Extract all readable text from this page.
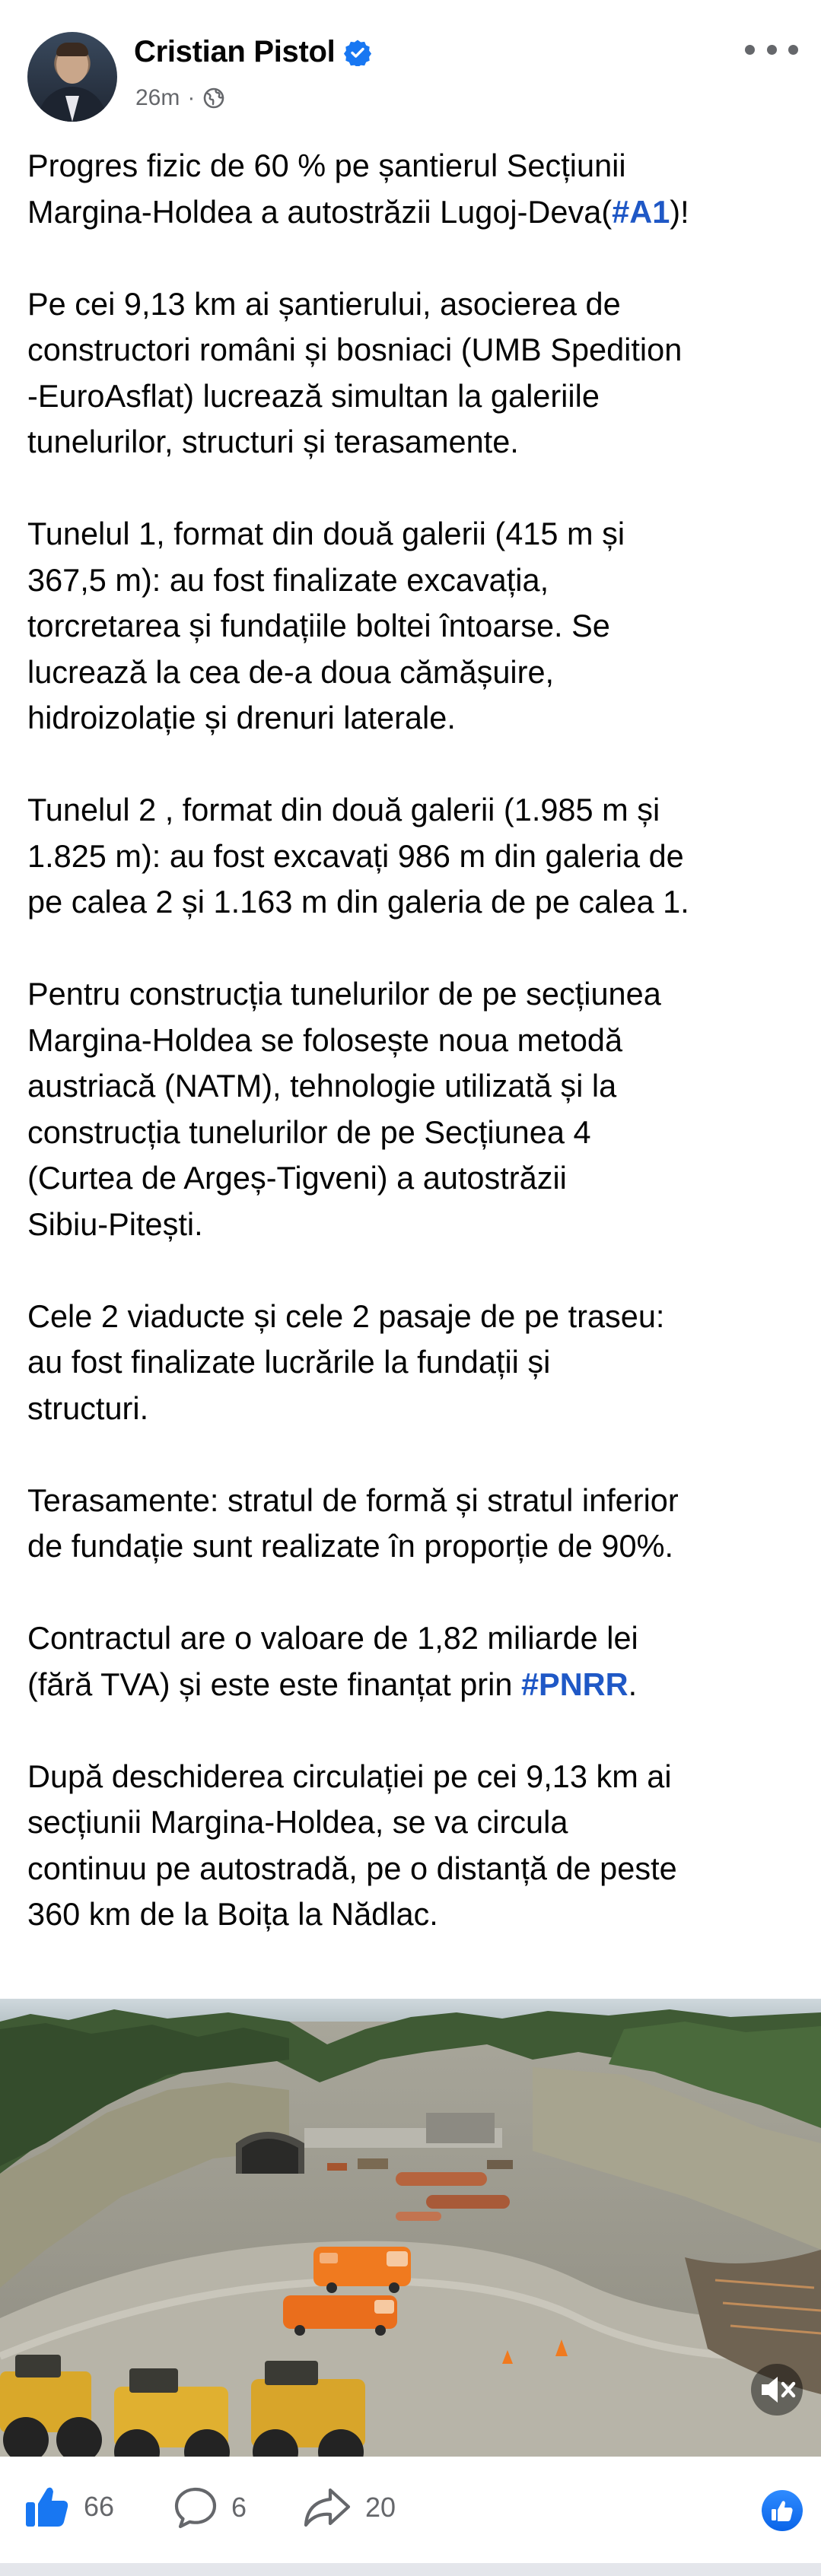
Cristian Pistol
26m ·

Progres fizic de 60 % pe șantierul Secțiunii
Margina-Holdea a autostrăzii Lugoj-Deva(#A1)!

Pe cei 9,13 km ai șantierului, asocierea de
constructori români și bosniaci (UMB Spedition
-EuroAsflat) lucrează simultan la galeriile
tunelurilor, structuri și terasamente.

Tunelul 1, format din două galerii (415 m și
367,5 m): au fost finalizate excavația,
torcretarea și fundațiile boltei întoarse. Se
lucrează la cea de-a doua cămășuire,
hidroizolație și drenuri laterale.

Tunelul 2 , format din două galerii (1.985 m și
1.825 m): au fost excavați 986 m din galeria de
pe calea 2 și 1.163 m din galeria de pe calea 1.

Pentru construcția tunelurilor de pe secțiunea
Margina-Holdea se folosește noua metodă
austriacă (NATM), tehnologie utilizată și la
construcția tunelurilor de pe Secțiunea 4
(Curtea de Argeș-Tigveni) a autostrăzii
Sibiu-Pitești.

Cele 2 viaducte și cele 2 pasaje de pe traseu:
au fost finalizate lucrările la fundații și
structuri.

Terasamente: stratul de formă și stratul inferior
de fundație sunt realizate în proporție de 90%.

Contractul are o valoare de 1,82 miliarde lei
(fără TVA) și este este finanțat prin #PNRR.

După deschiderea circulației pe cei 9,13 km ai
secțiunii Margina-Holdea, se va circula
continuu pe autostradă, pe o distanță de peste
360 km de la Boița la Nădlac.

66	6	20
